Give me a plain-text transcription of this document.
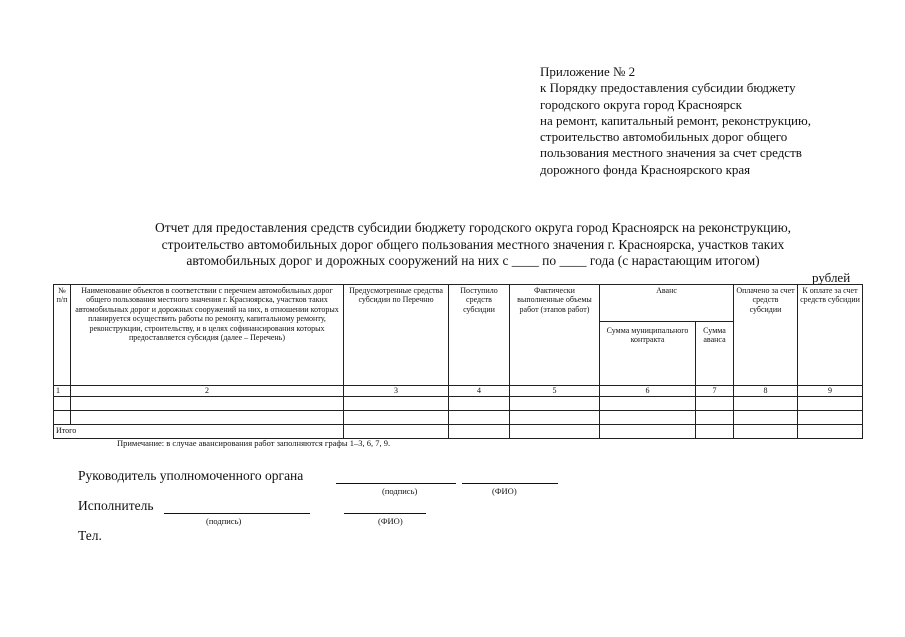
Приложение № 2
к Порядку предоставления субсидии бюджету
городского округа город Красноярск
на ремонт, капитальный ремонт, реконструкцию,
строительство автомобильных дорог общего
пользования местного значения за счет средств
дорожного фонда Красноярского края
Отчет для предоставления средств субсидии бюджету городского округа город Красноярск на реконструкцию,
строительство автомобильных дорог общего пользования местного значения г. Красноярска, участков таких
автомобильных дорог и дорожных сооружений на них с ____ по ____ года (с нарастающим итогом)
рублей
№ п/п	Наименование объектов в соответствии с перечнем автомобильных дорог общего пользования местного значения г. Красноярска, участков таких автомобильных дорог и дорожных сооружений на них, в отношении которых планируется осуществить работы по ремонту, капитальному ремонту, реконструкции, строительству, и в целях софинансирования которых предоставляется субсидия (далее – Перечень)	Предусмотренные средства субсидии по Перечню	Поступило средств субсидии	Фактически выполненные объемы работ (этапов работ)	Аванс		Оплачено за счет средств субсидии	К оплате за счет средств субсидии
					Сумма муниципального контракта	Сумма аванса		
1	2	3	4	5	6	7	8	9

Итого								
Примечание: в случае авансирования работ заполняются графы 1–3, 6, 7, 9.
Руководитель уполномоченного органа
(подпись)	(ФИО)
Исполнитель
(подпись)	(ФИО)
Тел.
